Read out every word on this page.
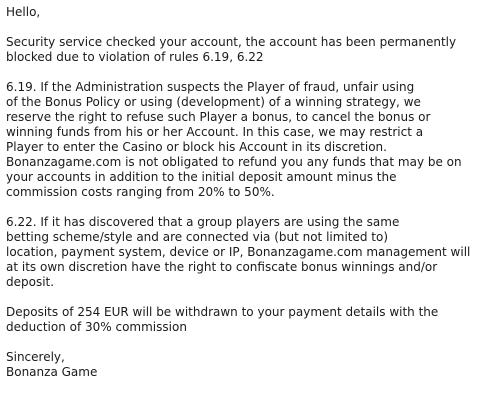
Hello,

Security service checked your account, the account has been permanently
blocked due to violation of rules 6.19, 6.22

6.19. If the Administration suspects the Player of fraud, unfair using
of the Bonus Policy or using (development) of a winning strategy, we
reserve the right to refuse such Player a bonus, to cancel the bonus or
winning funds from his or her Account. In this case, we may restrict a
Player to enter the Casino or block his Account in its discretion.
Bonanzagame.com is not obligated to refund you any funds that may be on
your accounts in addition to the initial deposit amount minus the
commission costs ranging from 20% to 50%.

6.22. If it has discovered that a group players are using the same
betting scheme/style and are connected via (but not limited to)
location, payment system, device or IP, Bonanzagame.com management will
at its own discretion have the right to confiscate bonus winnings and/or
deposit.

Deposits of 254 EUR will be withdrawn to your payment details with the
deduction of 30% commission

Sincerely,
Bonanza Game
